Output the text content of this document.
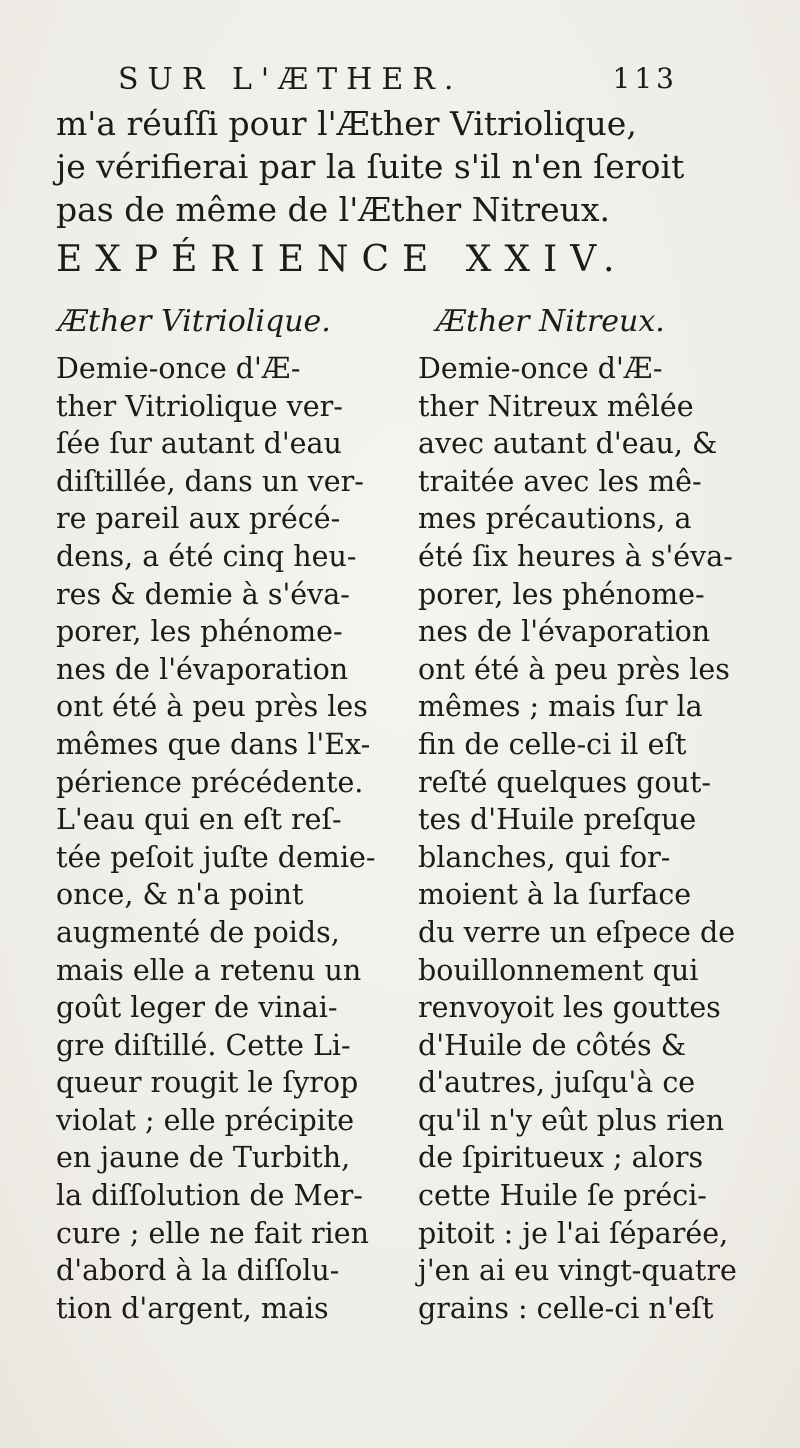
SUR L'ÆTHER.	113
m'a réuſſi pour l'Æther Vitriolique,
je vérifierai par la ſuite s'il n'en ſeroit
pas de même de l'Æther Nitreux.
EXPÉRIENCE XXIV.
Æther Vitriolique.	Æther Nitreux.
Demie-once d'Æ-
ther Vitriolique ver-
ſée ſur autant d'eau
diſtillée, dans un ver-
re pareil aux précé-
dens, a été cinq heu-
res & demie à s'éva-
porer, les phénome-
nes de l'évaporation
ont été à peu près les
mêmes que dans l'Ex-
périence précédente.
L'eau qui en eſt reſ-
tée peſoit juſte demie-
once, & n'a point
augmenté de poids,
mais elle a retenu un
goût leger de vinai-
gre diſtillé. Cette Li-
queur rougit le ſyrop
violat ; elle précipite
en jaune de Turbith,
la diſſolution de Mer-
cure ; elle ne fait rien
d'abord à la diſſolu-
tion d'argent, mais
Demie-once d'Æ-
ther Nitreux mêlée
avec autant d'eau, &
traitée avec les mê-
mes précautions, a
été ſix heures à s'éva-
porer, les phénome-
nes de l'évaporation
ont été à peu près les
mêmes ; mais ſur la
fin de celle-ci il eſt
reſté quelques gout-
tes d'Huile preſque
blanches, qui for-
moient à la ſurface
du verre un eſpece de
bouillonnement qui
renvoyoit les gouttes
d'Huile de côtés &
d'autres, juſqu'à ce
qu'il n'y eût plus rien
de ſpiritueux ; alors
cette Huile ſe préci-
pitoit : je l'ai ſéparée,
j'en ai eu vingt-quatre
grains : celle-ci n'eſt
